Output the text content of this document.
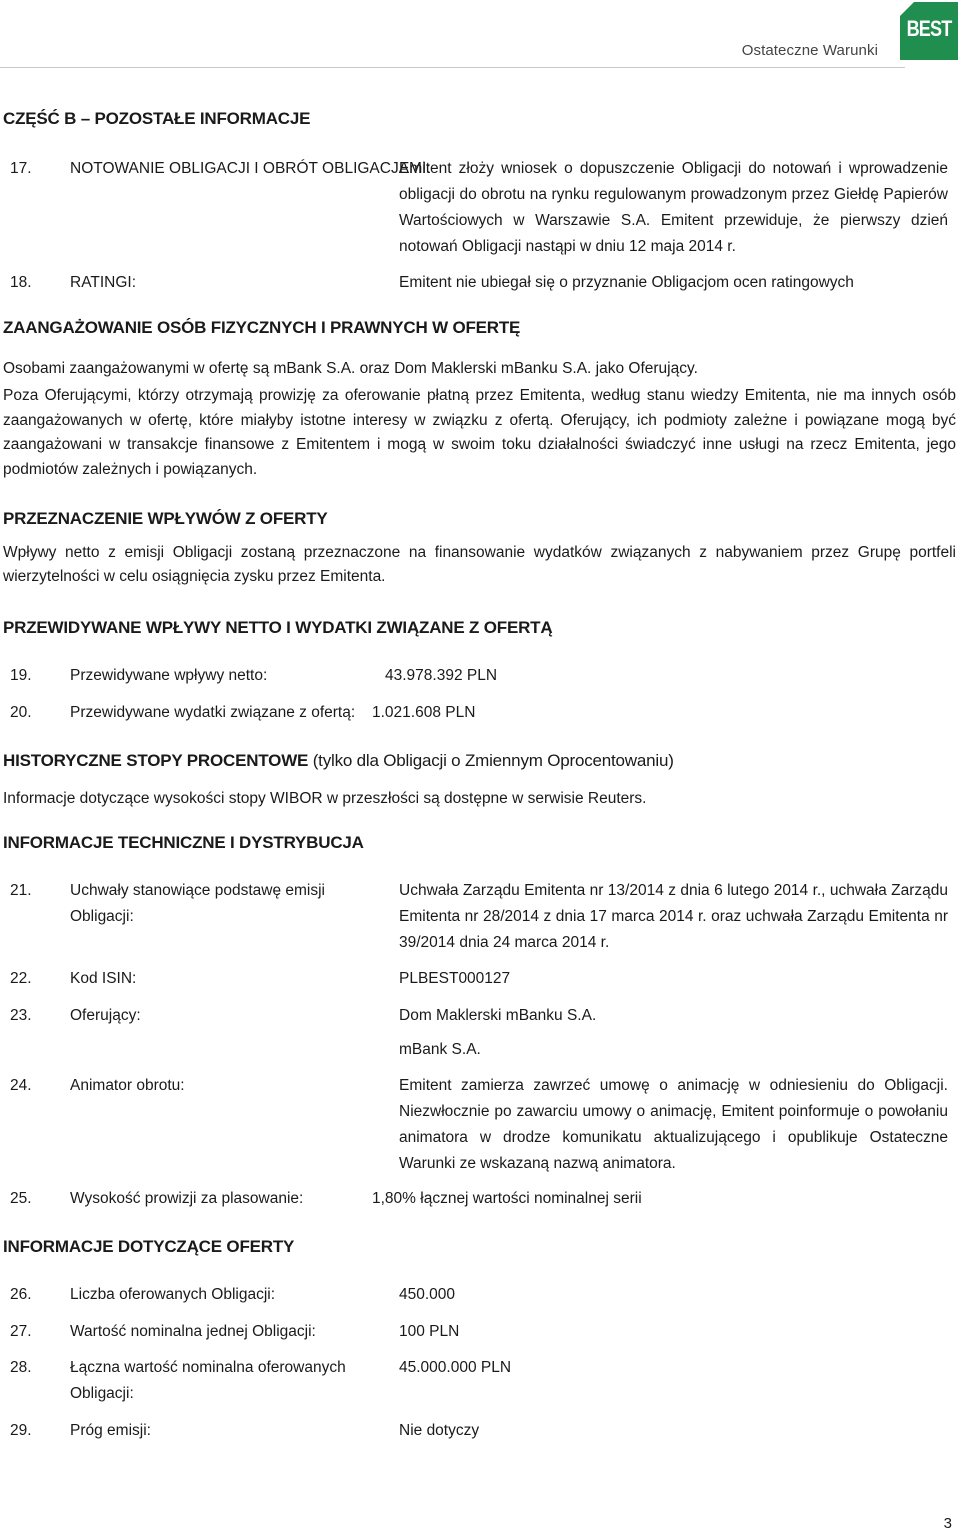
Ostateczne Warunki
BEST
CZĘŚĆ B – POZOSTAŁE INFORMACJE
17. NOTOWANIE OBLIGACJI I OBRÓT OBLIGACJAMI:
Emitent złoży wniosek o dopuszczenie Obligacji do notowań i wprowadzenie obligacji do obrotu na rynku regulowanym prowadzonym przez Giełdę Papierów Wartościowych w Warszawie S.A. Emitent przewiduje, że pierwszy dzień notowań Obligacji nastąpi w dniu 12 maja 2014 r.
18. RATINGI:	Emitent nie ubiegał się o przyznanie Obligacjom ocen ratingowych
ZAANGAŻOWANIE OSÓB FIZYCZNYCH I PRAWNYCH W OFERTĘ
Osobami zaangażowanymi w ofertę są mBank S.A. oraz Dom Maklerski mBanku S.A. jako Oferujący.
Poza Oferującymi, którzy otrzymają prowizję za oferowanie płatną przez Emitenta, według stanu wiedzy Emitenta, nie ma innych osób zaangażowanych w ofertę, które miałyby istotne interesy w związku z ofertą. Oferujący, ich podmioty zależne i powiązane mogą być zaangażowani w transakcje finansowe z Emitentem i mogą w swoim toku działalności świadczyć inne usługi na rzecz Emitenta, jego podmiotów zależnych i powiązanych.
PRZEZNACZENIE WPŁYWÓW Z OFERTY
Wpływy netto z emisji Obligacji zostaną przeznaczone na finansowanie wydatków związanych z nabywaniem przez Grupę portfeli wierzytelności w celu osiągnięcia zysku przez Emitenta.
PRZEWIDYWANE WPŁYWY NETTO I WYDATKI ZWIĄZANE Z OFERTĄ
19. Przewidywane wpływy netto:	43.978.392 PLN
20. Przewidywane wydatki związane z ofertą: 1.021.608 PLN
HISTORYCZNE STOPY PROCENTOWE (tylko dla Obligacji o Zmiennym Oprocentowaniu)
Informacje dotyczące wysokości stopy WIBOR w przeszłości są dostępne w serwisie Reuters.
INFORMACJE TECHNICZNE I DYSTRYBUCJA
21. Uchwały stanowiące podstawę emisji Obligacji:
Uchwała Zarządu Emitenta nr 13/2014 z dnia 6 lutego 2014 r., uchwała Zarządu Emitenta nr 28/2014 z dnia 17 marca 2014 r. oraz uchwała Zarządu Emitenta nr 39/2014 dnia 24 marca 2014 r.
22. Kod ISIN:	PLBEST000127
23. Oferujący:	Dom Maklerski mBanku S.A.
mBank S.A.
24. Animator obrotu:	Emitent zamierza zawrzeć umowę o animację w odniesieniu do Obligacji. Niezwłocznie po zawarciu umowy o animację, Emitent poinformuje o powołaniu animatora w drodze komunikatu aktualizującego i opublikuje Ostateczne Warunki ze wskazaną nazwą animatora.
25. Wysokość prowizji za plasowanie:	1,80% łącznej wartości nominalnej serii
INFORMACJE DOTYCZĄCE OFERTY
26. Liczba oferowanych Obligacji:	450.000
27. Wartość nominalna jednej Obligacji:	100 PLN
28. Łączna wartość nominalna oferowanych Obligacji:
45.000.000 PLN
29. Próg emisji:	Nie dotyczy
3
